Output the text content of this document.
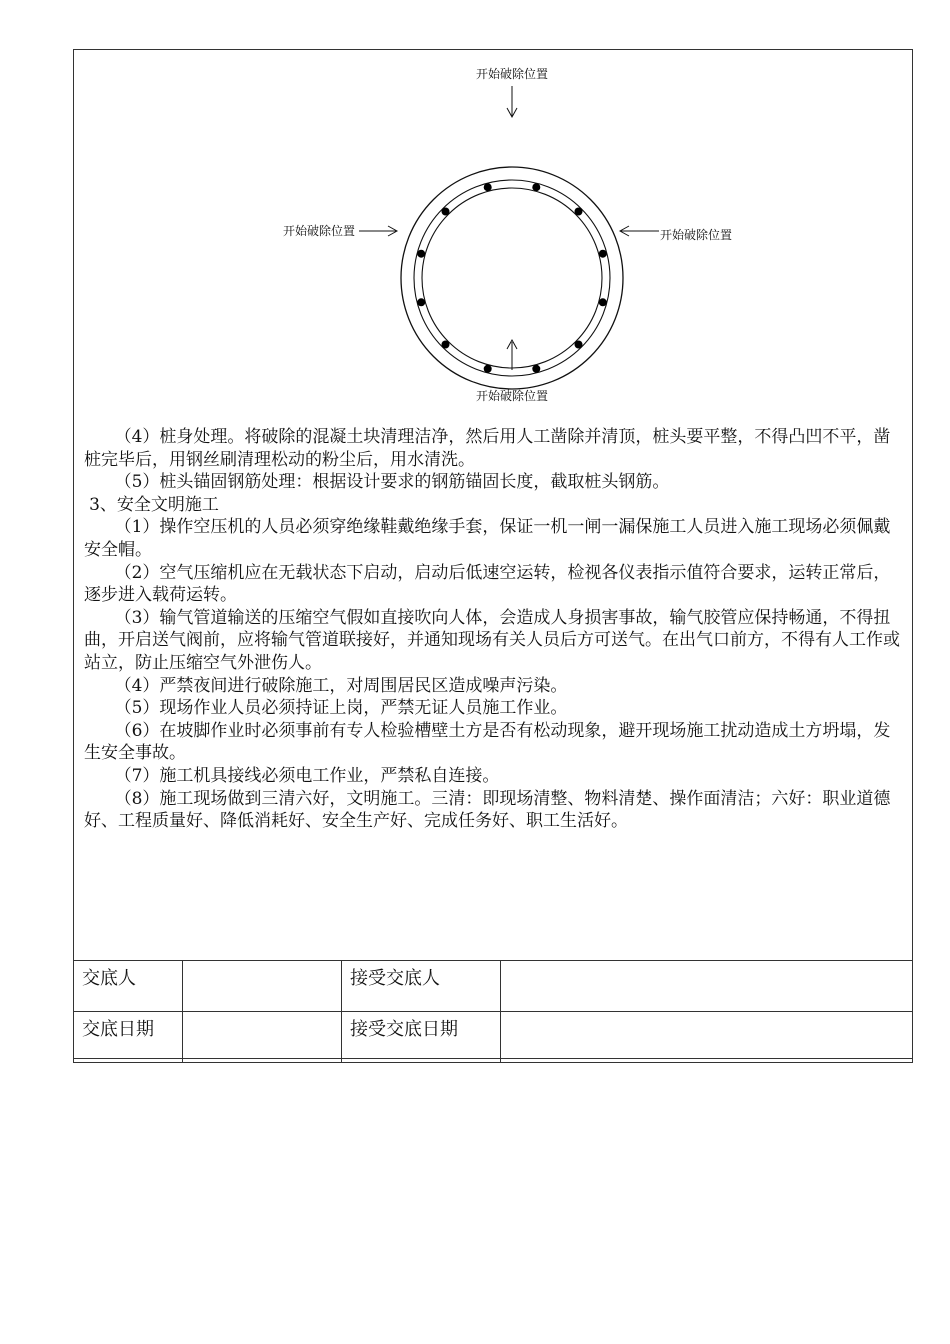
开始破除位置
开始破除位置	开始破除位置
开始破除位置

（4）桩身处理。将破除的混凝土块清理洁净，然后用人工凿除并清顶，桩头要平整，不得凸凹不平，凿桩完毕后，用钢丝刷清理松动的粉尘后，用水清洗。

（5）桩头锚固钢筋处理：根据设计要求的钢筋锚固长度，截取桩头钢筋。

3、安全文明施工

（1）操作空压机的人员必须穿绝缘鞋戴绝缘手套，保证一机一闸一漏保施工人员进入施工现场必须佩戴安全帽。

（2）空气压缩机应在无载状态下启动，启动后低速空运转，检视各仪表指示值符合要求，运转正常后，逐步进入载荷运转。

（3）输气管道输送的压缩空气假如直接吹向人体，会造成人身损害事故，输气胶管应保持畅通，不得扭曲，开启送气阀前，应将输气管道联接好，并通知现场有关人员后方可送气。在出气口前方，不得有人工作或站立，防止压缩空气外泄伤人。

（4）严禁夜间进行破除施工，对周围居民区造成噪声污染。

（5）现场作业人员必须持证上岗，严禁无证人员施工作业。

（6）在坡脚作业时必须事前有专人检验槽壁土方是否有松动现象，避开现场施工扰动造成土方坍塌，发生安全事故。

（7）施工机具接线必须电工作业，严禁私自连接。

（8）施工现场做到三清六好，文明施工。三清：即现场清整、物料清楚、操作面清洁；六好：职业道德好、工程质量好、降低消耗好、安全生产好、完成任务好、职工生活好。

交底人		接受交底人	
交底日期		接受交底日期	
